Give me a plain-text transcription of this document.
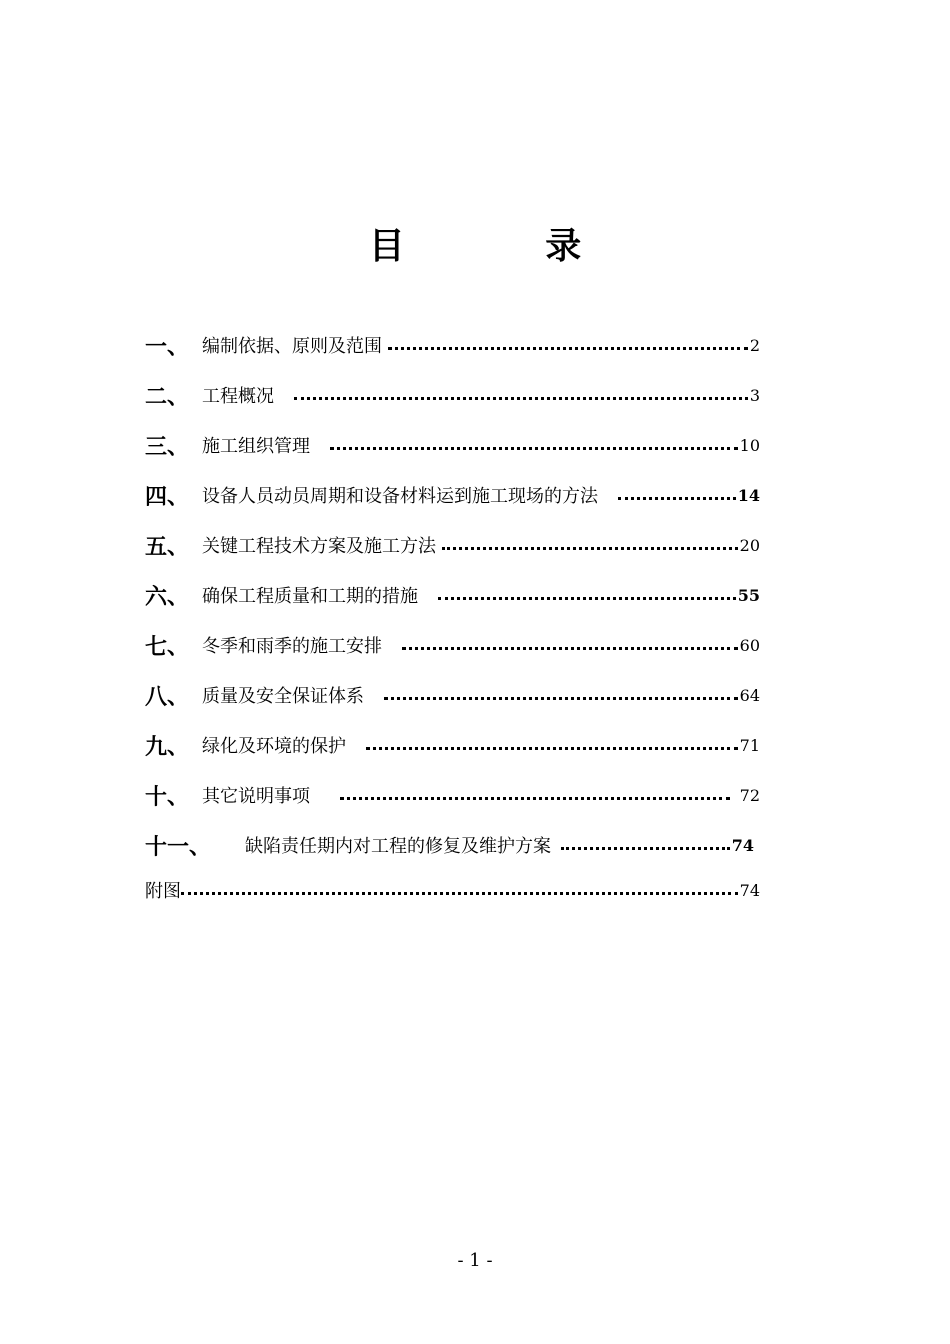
目 录
一、 编制依据、原则及范围	2
二、 工程概况	3
三、 施工组织管理	10
四、 设备人员动员周期和设备材料运到施工现场的方法	14
五、 关键工程技术方案及施工方法	20
六、 确保工程质量和工期的措施	55
七、 冬季和雨季的施工安排	60
八、 质量及安全保证体系	64
九、 绿化及环境的保护	71
十、 其它说明事项	72
十一、	缺陷责任期内对工程的修复及维护方案	74
附图	74
- 1 -
